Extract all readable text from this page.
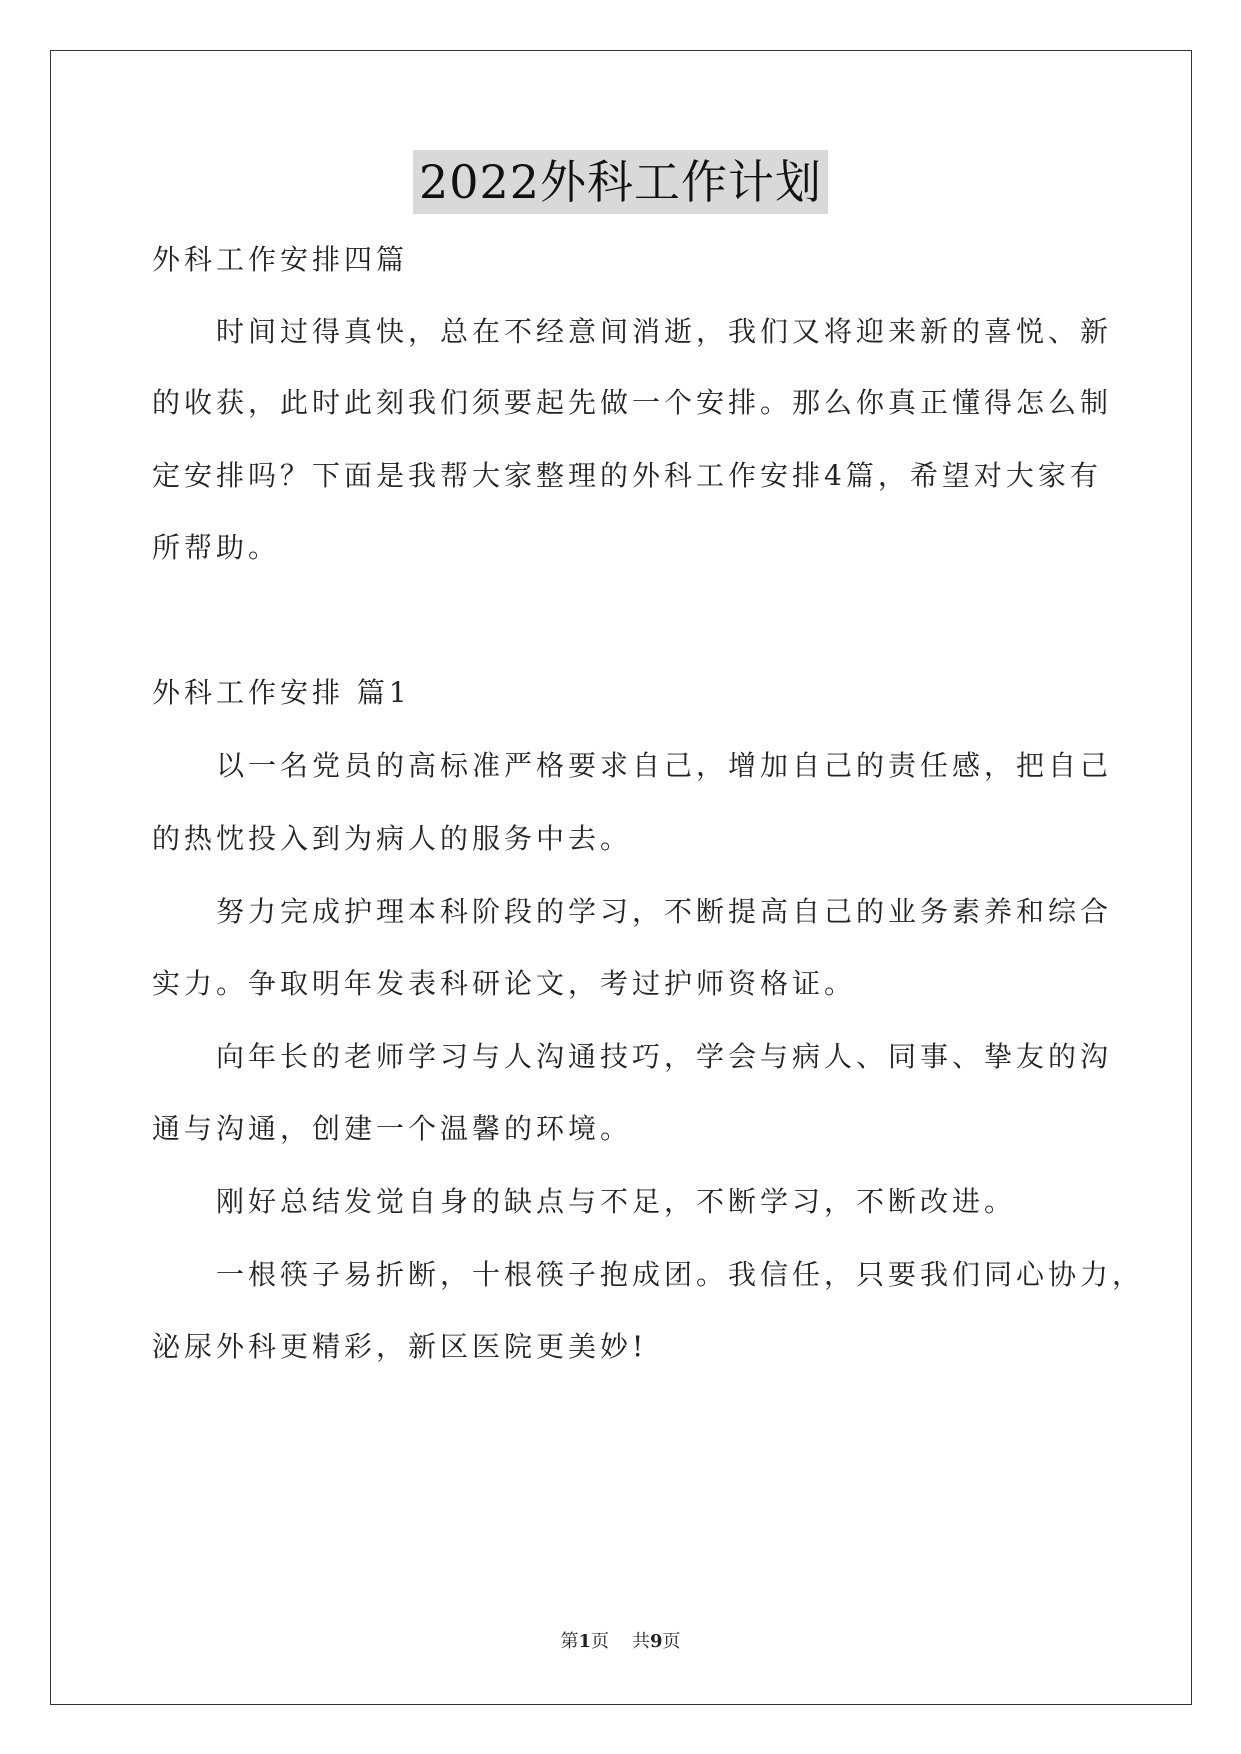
2022外科工作计划
外科工作安排四篇
时间过得真快，总在不经意间消逝，我们又将迎来新的喜悦、新
的收获，此时此刻我们须要起先做一个安排。那么你真正懂得怎么制
定安排吗？下面是我帮大家整理的外科工作安排4篇，希望对大家有
所帮助。
外科工作安排 篇1
以一名党员的高标准严格要求自己，增加自己的责任感，把自己
的热忱投入到为病人的服务中去。
努力完成护理本科阶段的学习，不断提高自己的业务素养和综合
实力。争取明年发表科研论文，考过护师资格证。
向年长的老师学习与人沟通技巧，学会与病人、同事、挚友的沟
通与沟通，创建一个温馨的环境。
刚好总结发觉自身的缺点与不足，不断学习，不断改进。
一根筷子易折断，十根筷子抱成团。我信任，只要我们同心协力，
泌尿外科更精彩，新区医院更美妙!
第1页 共9页
